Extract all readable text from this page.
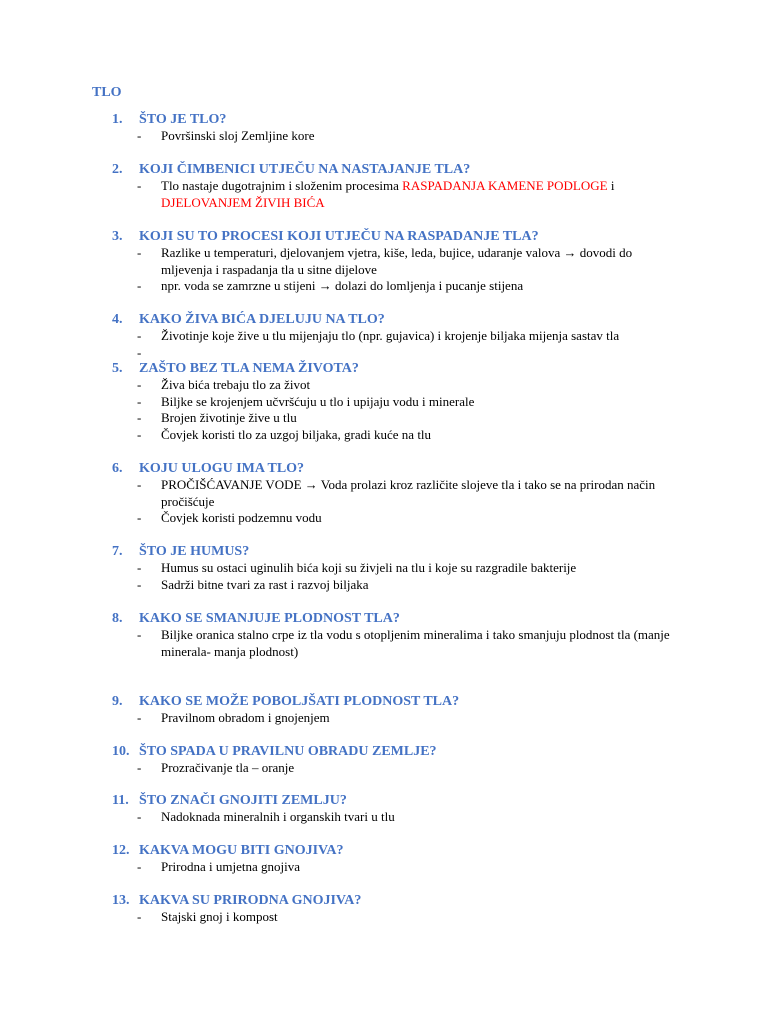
TLO
1. ŠTO JE TLO?
- Površinski sloj Zemljine kore
2. KOJI ČIMBENICI UTJEČU NA NASTAJANJE TLA?
- Tlo nastaje dugotrajnim i složenim procesima RASPADANJA KAMENE PODLOGE i DJELOVANJEM ŽIVIH BIĆA
3. KOJI SU TO PROCESI KOJI UTJEČU NA RASPADANJE TLA?
- Razlike u temperaturi, djelovanjem vjetra, kiše, leda, bujice, udaranje valova → dovodi do mljevenja i raspadanja tla u sitne dijelove
- npr. voda se zamrzne u stijeni → dolazi do lomljenja i pucanje stijena
4. KAKO ŽIVA BIĆA DJELUJU NA TLO?
- Životinje koje žive u tlu mijenjaju tlo (npr. gujavica) i krojenje biljaka mijenja sastav tla
-

5. ZAŠTO BEZ TLA NEMA ŽIVOTA?
- Živa bića trebaju tlo za život
- Biljke se krojenjem učvršćuju u tlo i upijaju vodu i minerale
- Brojen životinje žive u tlu
- Čovjek koristi tlo za uzgoj biljaka, gradi kuće na tlu
6. KOJU ULOGU IMA TLO?
- PROČIŠĆAVANJE VODE → Voda prolazi kroz različite slojeve tla i tako se na prirodan način pročišćuje
- Čovjek koristi podzemnu vodu
7. ŠTO JE HUMUS?
- Humus su ostaci uginulih bića koji su živjeli na tlu i koje su razgradile bakterije
- Sadrži bitne tvari za rast i razvoj biljaka
8. KAKO SE SMANJUJE PLODNOST TLA?
- Biljke oranica stalno crpe iz tla vodu s otopljenim mineralima i tako smanjuju plodnost tla (manje minerala- manja plodnost)
9. KAKO SE MOŽE POBOLJŠATI PLODNOST TLA?
- Pravilnom obradom i gnojenjem
10. ŠTO SPADA U PRAVILNU OBRADU ZEMLJE?
- Prozračivanje tla – oranje
11. ŠTO ZNAČI GNOJITI ZEMLJU?
- Nadoknada mineralnih i organskih tvari u tlu
12. KAKVA MOGU BITI GNOJIVA?
- Prirodna i umjetna gnojiva
13. KAKVA SU PRIRODNA GNOJIVA?
- Stajski gnoj i kompost
